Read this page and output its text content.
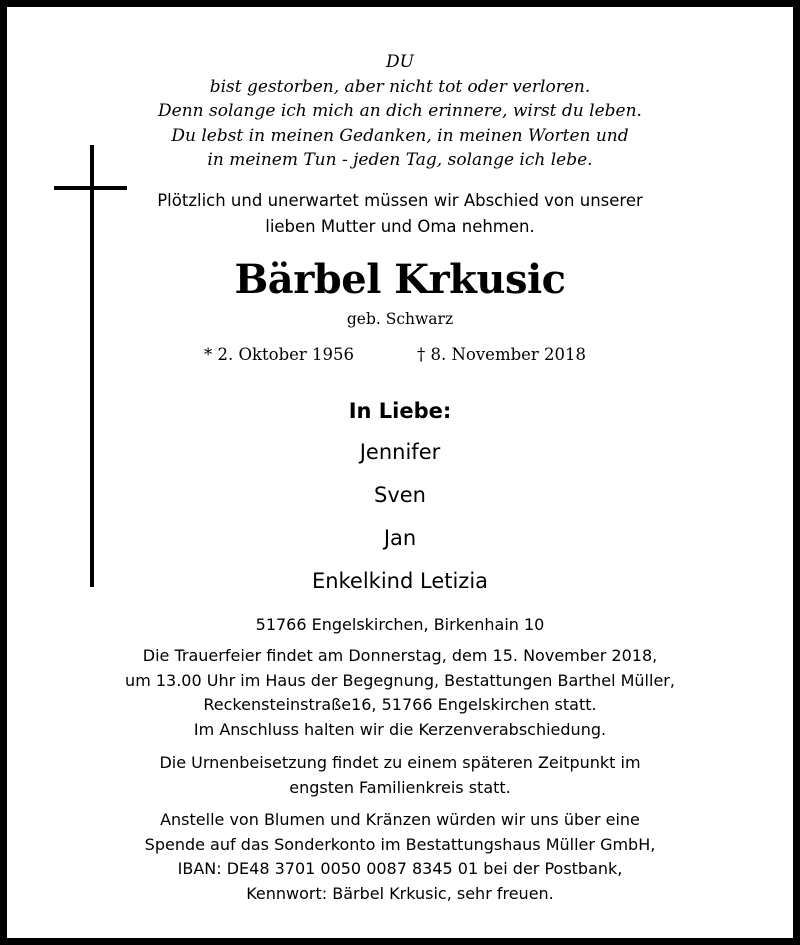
DU
bist gestorben, aber nicht tot oder verloren.
Denn solange ich mich an dich erinnere, wirst du leben.
Du lebst in meinen Gedanken, in meinen Worten und
in meinem Tun - jeden Tag, solange ich lebe.
Plötzlich und unerwartet müssen wir Abschied von unserer
lieben Mutter und Oma nehmen.
Bärbel Krkusic
geb. Schwarz
* 2. Oktober 1956	† 8. November 2018
In Liebe:
Jennifer
Sven
Jan
Enkelkind Letizia
51766 Engelskirchen, Birkenhain 10
Die Trauerfeier findet am Donnerstag, dem 15. November 2018,
um 13.00 Uhr im Haus der Begegnung, Bestattungen Barthel Müller,
Reckensteinstraße16, 51766 Engelskirchen statt.
Im Anschluss halten wir die Kerzenverabschiedung.
Die Urnenbeisetzung findet zu einem späteren Zeitpunkt im
engsten Familienkreis statt.
Anstelle von Blumen und Kränzen würden wir uns über eine
Spende auf das Sonderkonto im Bestattungshaus Müller GmbH,
IBAN: DE48 3701 0050 0087 8345 01 bei der Postbank,
Kennwort: Bärbel Krkusic, sehr freuen.
